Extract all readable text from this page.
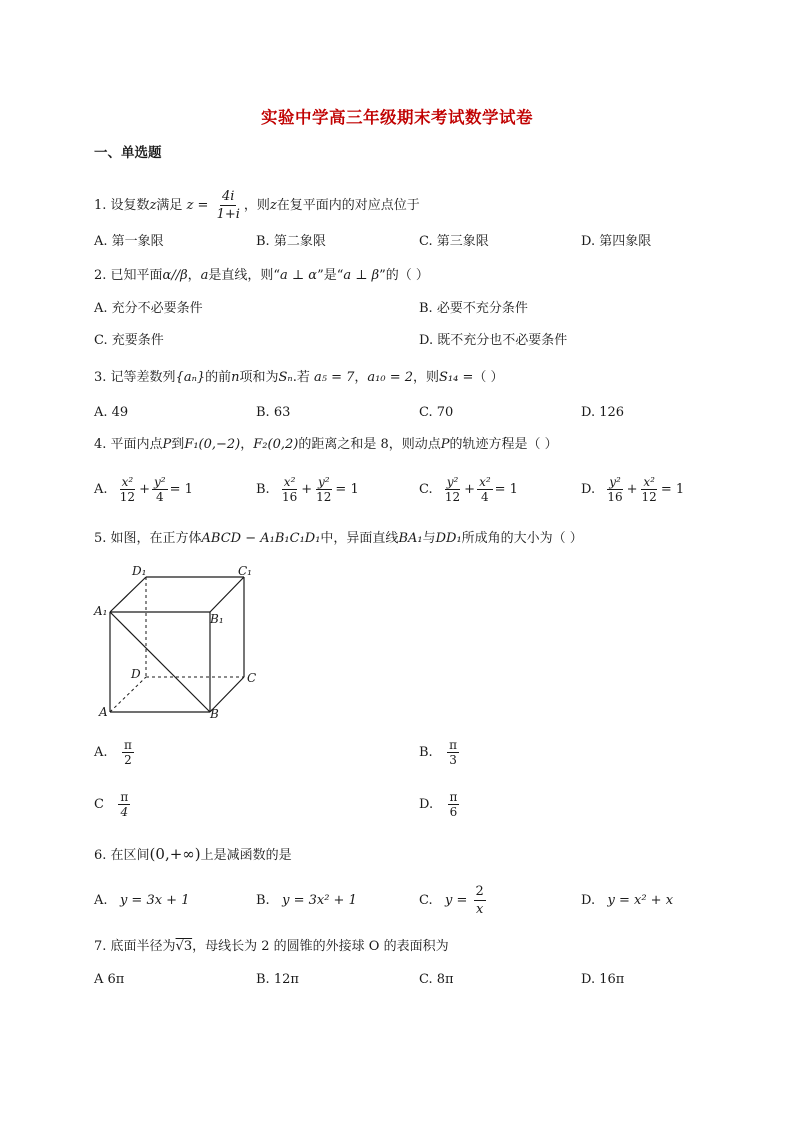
实验中学高三年级期末考试数学试卷
一、单选题
1. 设复数z满足 $z = \frac{4i}{1+i}$ ，则z在复平面内的对应点位于
A. 第一象限	B. 第二象限	C. 第三象限	D. 第四象限
2. 已知平面α//β，a是直线，则“a ⊥ α”是“a ⊥ β”的（ ）
A. 充分不必要条件	B. 必要不充分条件
C. 充要条件	D. 既不充分也不必要条件
3. 记等差数列{aₙ}的前n项和为Sₙ.若 a₅ = 7，a₁₀ = 2，则S₁₄ =（ ）
A. 49	B. 63	C. 70	D. 126
4. 平面内点P到F₁(0,−2)，F₂(0,2)的距离之和是 8，则动点P的轨迹方程是（ ）
A. $\frac{\text{x²}}{12} + \frac{\text{y²}}{4} = 1$	B. $\frac{\text{x²}}{16} + \frac{\text{y²}}{12} = 1$	C. $\frac{\text{y²}}{12} + \frac{\text{x²}}{4} = 1$	D. $\frac{\text{y²}}{16} + \frac{\text{x²}}{12} = 1$
5. 如图，在正方体ABCD − A₁B₁C₁D₁中，异面直线BA₁与DD₁所成角的大小为（ ）
D₁	C₁
A₁
B₁
D	C
A	B
A. $\frac{\pi}{2}$	B. $\frac{\pi}{3}$
C $\frac{\pi}{4}$	D. $\frac{\pi}{6}$
6. 在区间(0,+∞)上是减函数的是
A. y = 3x + 1	B. y = 3x² + 1	C. $y = \frac{2}{x}$	D. y = x² + x
7. 底面半径为√3，母线长为 2 的圆锥的外接球 O 的表面积为
A 6π	B. 12π	C. 8π	D. 16π
